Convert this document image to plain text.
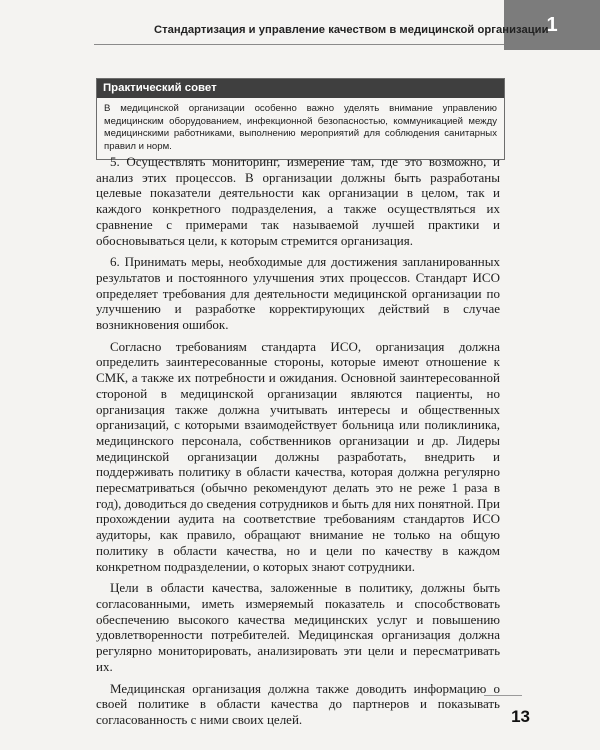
1
Стандартизация и управление качеством в медицинской организации
Практический совет
В медицинской организации особенно важно уделять внимание управлению медицинским оборудованием, инфекционной безопасностью, коммуникацией между медицинскими работниками, выполнению мероприятий для соблюдения санитарных правил и норм.

5. Осуществлять мониторинг, измерение там, где это возможно, и анализ этих процессов. В организации должны быть разработаны целевые показатели деятельности как организации в целом, так и каждого конкретного подразделения, а также осуществляться их сравнение с примерами так называемой лучшей практики и обосновываться цели, к которым стремится организация.

6. Принимать меры, необходимые для достижения запланированных результатов и постоянного улучшения этих процессов. Стандарт ИСО определяет требования для деятельности медицинской организации по улучшению и разработке корректирующих действий в случае возникновения ошибок.

Согласно требованиям стандарта ИСО, организация должна определить заинтересованные стороны, которые имеют отношение к СМК, а также их потребности и ожидания. Основной заинтересованной стороной в медицинской организации являются пациенты, но организация также должна учитывать интересы и общественных организаций, с которыми взаимодействует больница или поликлиника, медицинского персонала, собственников организации и др. Лидеры медицинской организации должны разработать, внедрить и поддерживать политику в области качества, которая должна регулярно пересматриваться (обычно рекомендуют делать это не реже 1 раза в год), доводиться до сведения сотрудников и быть для них понятной. При прохождении аудита на соответствие требованиям стандартов ИСО аудиторы, как правило, обращают внимание не только на общую политику в области качества, но и цели по качеству в каждом конкретном подразделении, о которых знают сотрудники.

Цели в области качества, заложенные в политику, должны быть согласованными, иметь измеряемый показатель и способствовать обеспечению высокого качества медицинских услуг и повышению удовлетворенности потребителей. Медицинская организация должна регулярно мониторировать, анализировать эти цели и пересматривать их.

Медицинская организация должна также доводить информацию о своей политике в области качества до партнеров и показывать согласованность с ними своих целей.	13
